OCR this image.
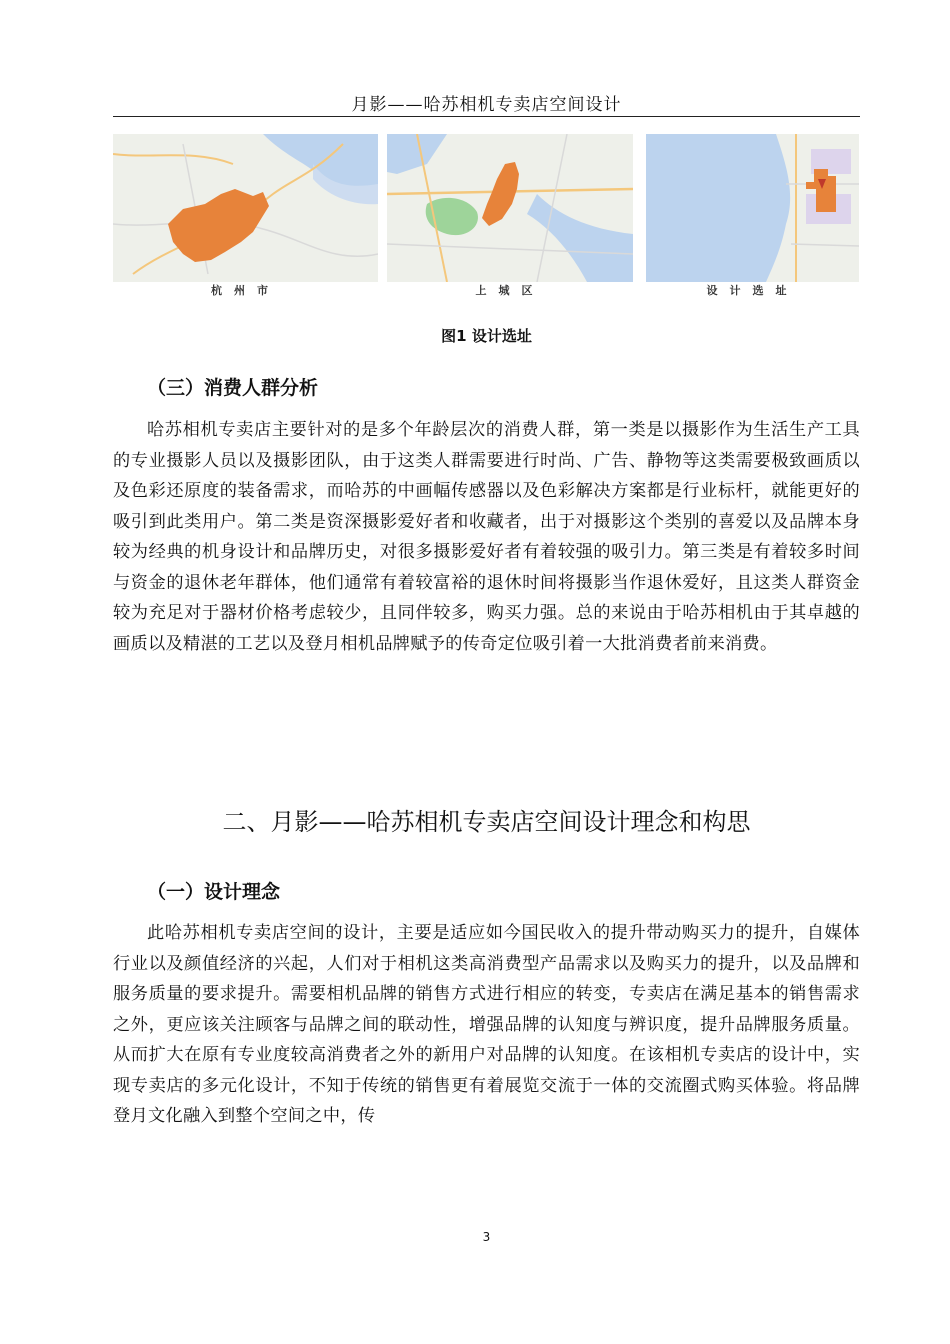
月影——哈苏相机专卖店空间设计
杭州市	上城区	设计选址
图1 设计选址
（三）消费人群分析
哈苏相机专卖店主要针对的是多个年龄层次的消费人群，第一类是以摄影作为生活生产工具的专业摄影人员以及摄影团队，由于这类人群需要进行时尚、广告、静物等这类需要极致画质以及色彩还原度的装备需求，而哈苏的中画幅传感器以及色彩解决方案都是行业标杆，就能更好的吸引到此类用户。第二类是资深摄影爱好者和收藏者，出于对摄影这个类别的喜爱以及品牌本身较为经典的机身设计和品牌历史，对很多摄影爱好者有着较强的吸引力。第三类是有着较多时间与资金的退休老年群体，他们通常有着较富裕的退休时间将摄影当作退休爱好，且这类人群资金较为充足对于器材价格考虑较少，且同伴较多，购买力强。总的来说由于哈苏相机由于其卓越的画质以及精湛的工艺以及登月相机品牌赋予的传奇定位吸引着一大批消费者前来消费。
二、月影——哈苏相机专卖店空间设计理念和构思
（一）设计理念
此哈苏相机专卖店空间的设计，主要是适应如今国民收入的提升带动购买力的提升，自媒体行业以及颜值经济的兴起，人们对于相机这类高消费型产品需求以及购买力的提升，以及品牌和服务质量的要求提升。需要相机品牌的销售方式进行相应的转变，专卖店在满足基本的销售需求之外，更应该关注顾客与品牌之间的联动性，增强品牌的认知度与辨识度，提升品牌服务质量。从而扩大在原有专业度较高消费者之外的新用户对品牌的认知度。在该相机专卖店的设计中，实现专卖店的多元化设计，不知于传统的销售更有着展览交流于一体的交流圈式购买体验。将品牌登月文化融入到整个空间之中，传
3
